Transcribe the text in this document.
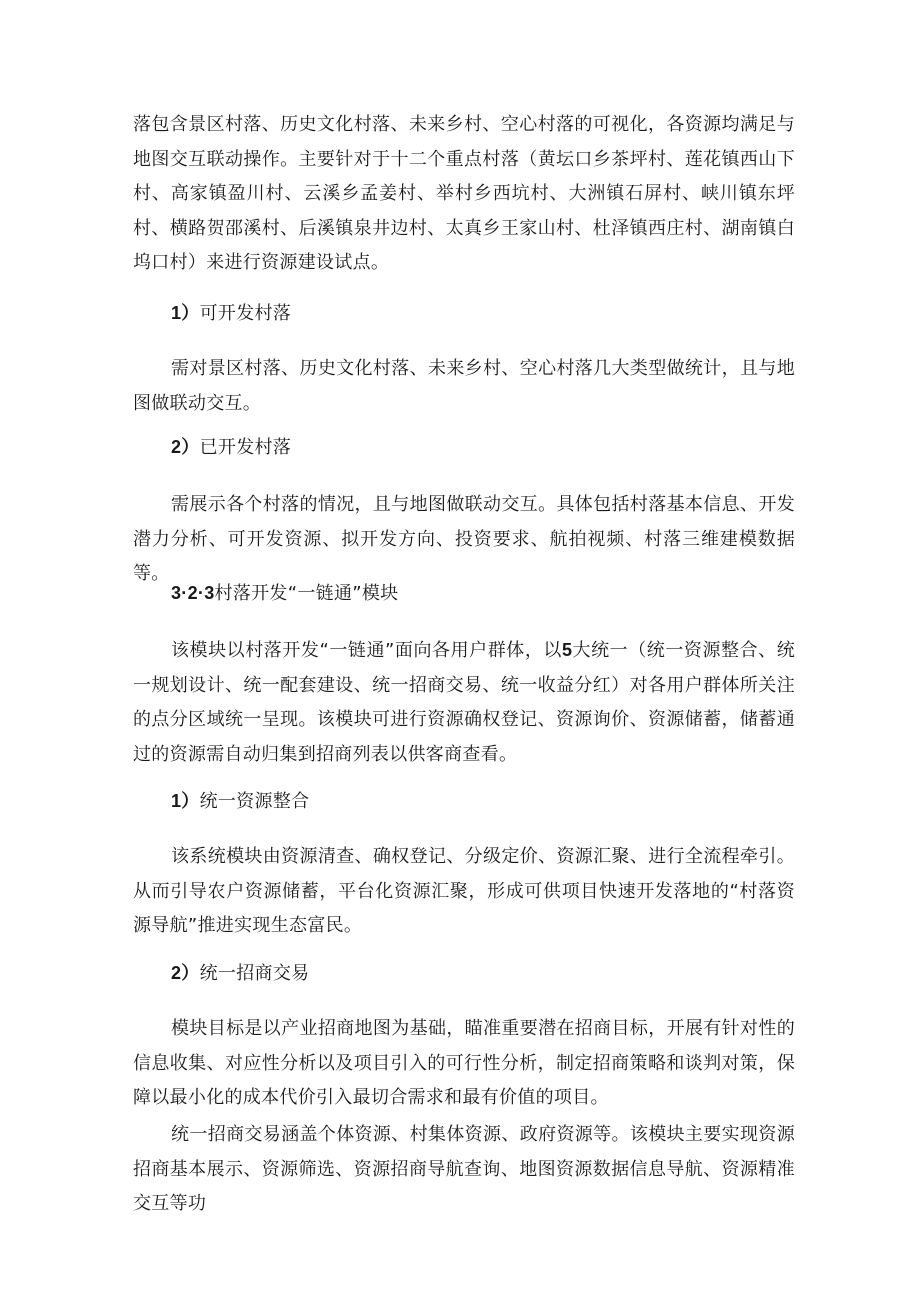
落包含景区村落、历史文化村落、未来乡村、空心村落的可视化，各资源均满足与地图交互联动操作。主要针对于十二个重点村落（黄坛口乡茶坪村、莲花镇西山下村、高家镇盈川村、云溪乡孟姜村、举村乡西坑村、大洲镇石屏村、峡川镇东坪村、横路贺邵溪村、后溪镇泉井边村、太真乡王家山村、杜泽镇西庄村、湖南镇白坞口村）来进行资源建设试点。

1）可开发村落

需对景区村落、历史文化村落、未来乡村、空心村落几大类型做统计，且与地图做联动交互。

2）已开发村落

需展示各个村落的情况，且与地图做联动交互。具体包括村落基本信息、开发潜力分析、可开发资源、拟开发方向、投资要求、航拍视频、村落三维建模数据等。

3·2·3村落开发“一链通”模块

该模块以村落开发“一链通”面向各用户群体，以5大统一（统一资源整合、统一规划设计、统一配套建设、统一招商交易、统一收益分红）对各用户群体所关注的点分区域统一呈现。该模块可进行资源确权登记、资源询价、资源储蓄，储蓄通过的资源需自动归集到招商列表以供客商查看。

1）统一资源整合

该系统模块由资源清查、确权登记、分级定价、资源汇聚、进行全流程牵引。从而引导农户资源储蓄，平台化资源汇聚，形成可供项目快速开发落地的“村落资源导航”推进实现生态富民。

2）统一招商交易

模块目标是以产业招商地图为基础，瞄准重要潜在招商目标，开展有针对性的信息收集、对应性分析以及项目引入的可行性分析，制定招商策略和谈判对策，保障以最小化的成本代价引入最切合需求和最有价值的项目。

统一招商交易涵盖个体资源、村集体资源、政府资源等。该模块主要实现资源招商基本展示、资源筛选、资源招商导航查询、地图资源数据信息导航、资源精准交互等功
